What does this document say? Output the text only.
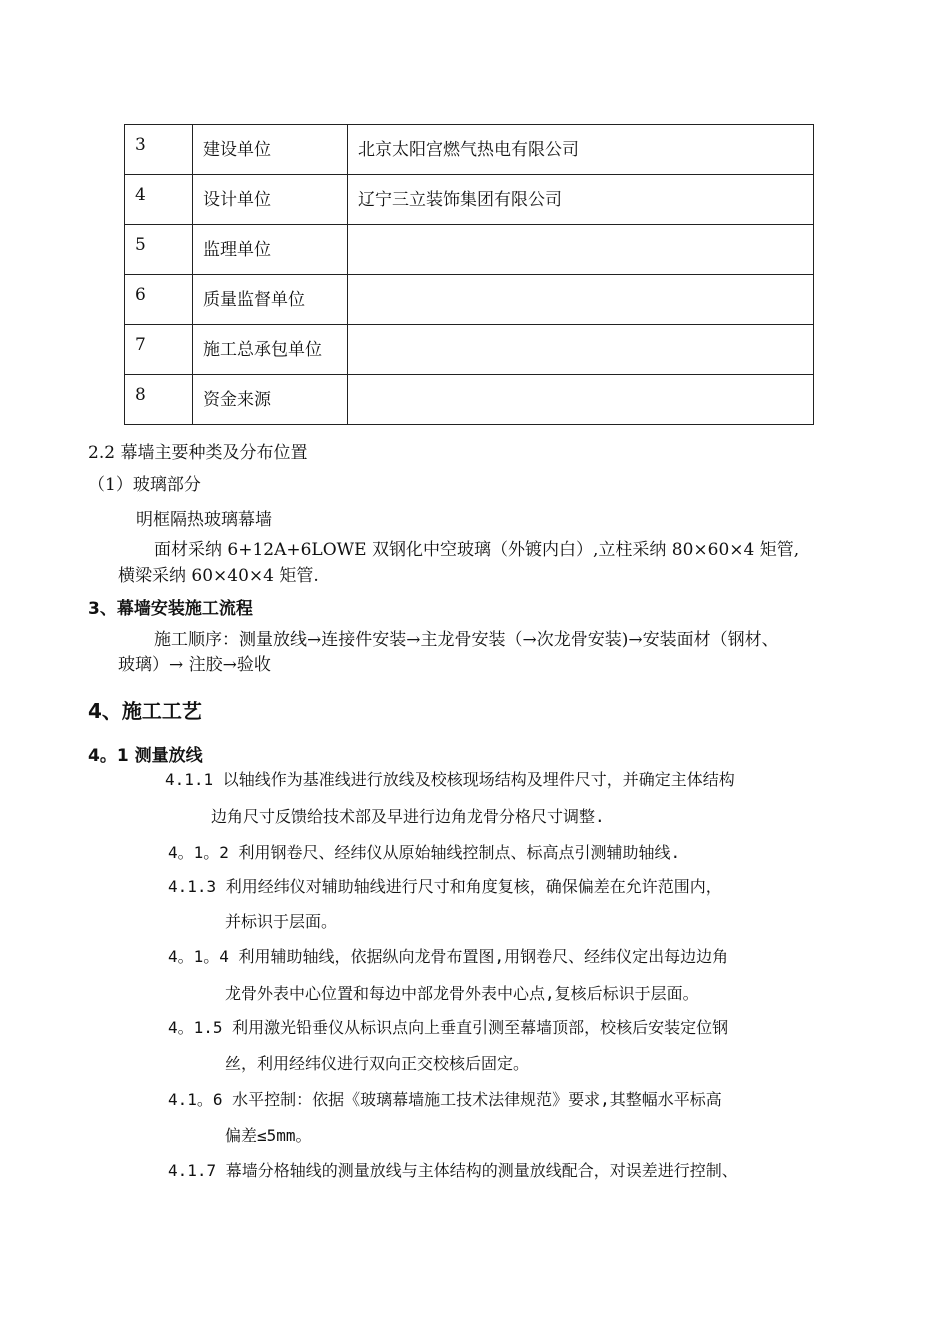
3	建设单位	北京太阳宫燃气热电有限公司
4	设计单位	辽宁三立装饰集团有限公司
5	监理单位	
6	质量监督单位	
7	施工总承包单位	
8	资金来源	
2.2 幕墙主要种类及分布位置
（1）玻璃部分
明框隔热玻璃幕墙
面材采纳 6+12A+6LOWE 双钢化中空玻璃（外镀内白）,立柱采纳 80×60×4 矩管,
横梁采纳 60×40×4 矩管.
3、幕墙安装施工流程
施工顺序：测量放线→连接件安装→主龙骨安装（→次龙骨安装)→安装面材（钢材、
玻璃）→ 注胶→验收
4、施工工艺
4。1 测量放线
4.1.1 以轴线作为基准线进行放线及校核现场结构及埋件尺寸，并确定主体结构
边角尺寸反馈给技术部及早进行边角龙骨分格尺寸调整.
4。1。2 利用钢卷尺、经纬仪从原始轴线控制点、标高点引测辅助轴线.
4.1.3 利用经纬仪对辅助轴线进行尺寸和角度复核，确保偏差在允许范围内，
并标识于层面。
4。1。4 利用辅助轴线，依据纵向龙骨布置图,用钢卷尺、经纬仪定出每边边角
龙骨外表中心位置和每边中部龙骨外表中心点,复核后标识于层面。
4。1.5 利用激光铅垂仪从标识点向上垂直引测至幕墙顶部，校核后安装定位钢
丝，利用经纬仪进行双向正交校核后固定。
4.1。6 水平控制：依据《玻璃幕墙施工技术法律规范》要求,其整幅水平标高
偏差≤5mm。
4.1.7 幕墙分格轴线的测量放线与主体结构的测量放线配合，对误差进行控制、
